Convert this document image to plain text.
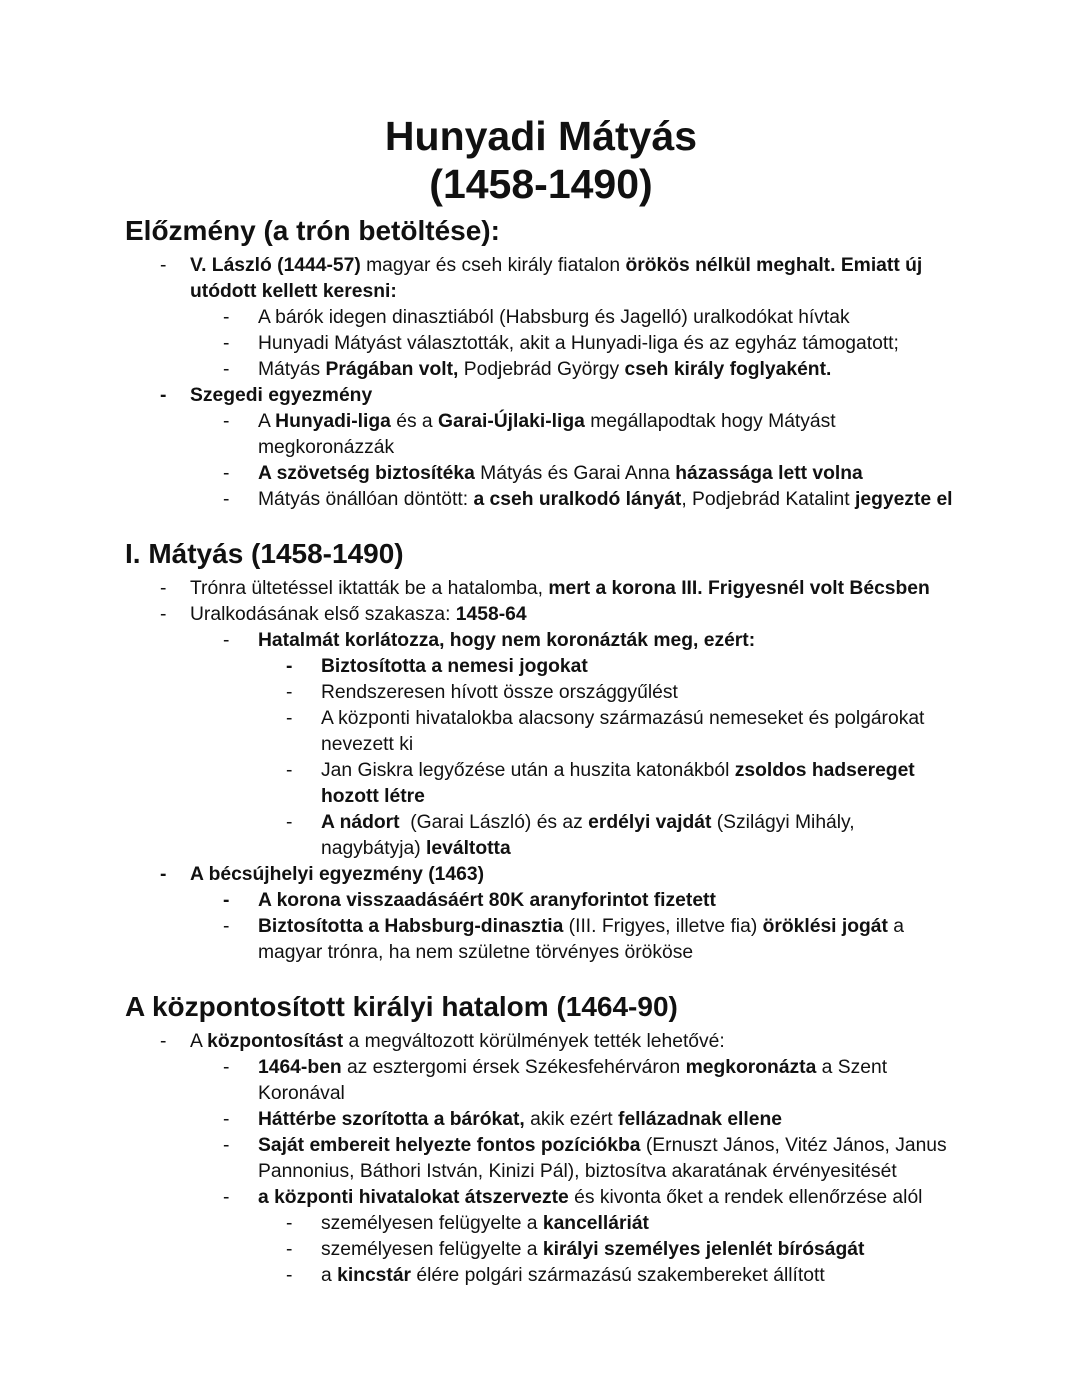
Hunyadi Mátyás
(1458-1490)
Előzmény (a trón betöltése):
-	V. László (1444-57) magyar és cseh király fiatalon örökös nélkül meghalt. Emiatt új utódott kellett keresni:
-	A bárók idegen dinasztiából (Habsburg és Jagelló) uralkodókat hívtak
-	Hunyadi Mátyást választották, akit a Hunyadi-liga és az egyház támogatott;
-	Mátyás Prágában volt, Podjebrád György cseh király foglyaként.
-	Szegedi egyezmény
-	A Hunyadi-liga és a Garai-Újlaki-liga megállapodtak hogy Mátyást megkoronázzák
-	A szövetség biztosítéka Mátyás és Garai Anna házassága lett volna
-	Mátyás önállóan döntött: a cseh uralkodó lányát, Podjebrád Katalint jegyezte el
I. Mátyás (1458-1490)
-	Trónra ültetéssel iktatták be a hatalomba, mert a korona III. Frigyesnél volt Bécsben
-	Uralkodásának első szakasza: 1458-64
-	Hatalmát korlátozza, hogy nem koronázták meg, ezért:
-	Biztosította a nemesi jogokat
-	Rendszeresen hívott össze országgyűlést
-	A központi hivatalokba alacsony származású nemeseket és polgárokat nevezett ki
-	Jan Giskra legyőzése után a huszita katonákból zsoldos hadsereget hozott létre
-	A nádort  (Garai László) és az erdélyi vajdát (Szilágyi Mihály, nagybátyja) leváltotta
-	A bécsújhelyi egyezmény (1463)
-	A korona visszaadásáért 80K aranyforintot fizetett
-	Biztosította a Habsburg-dinasztia (III. Frigyes, illetve fia) öröklési jogát a magyar trónra, ha nem születne törvényes örököse
A központosított királyi hatalom (1464-90)
-	A központosítást a megváltozott körülmények tették lehetővé:
-	1464-ben az esztergomi érsek Székesfehérváron megkoronázta a Szent Koronával
-	Háttérbe szorította a bárókat, akik ezért fellázadnak ellene
-	Saját embereit helyezte fontos pozíciókba (Ernuszt János, Vitéz János, Janus Pannonius, Báthori István, Kinizi Pál), biztosítva akaratának érvényesitését
-	a központi hivatalokat átszervezte és kivonta őket a rendek ellenőrzése alól
-	személyesen felügyelte a kancelláriát
-	személyesen felügyelte a királyi személyes jelenlét bíróságát
-	a kincstár élére polgári származású szakembereket állított
